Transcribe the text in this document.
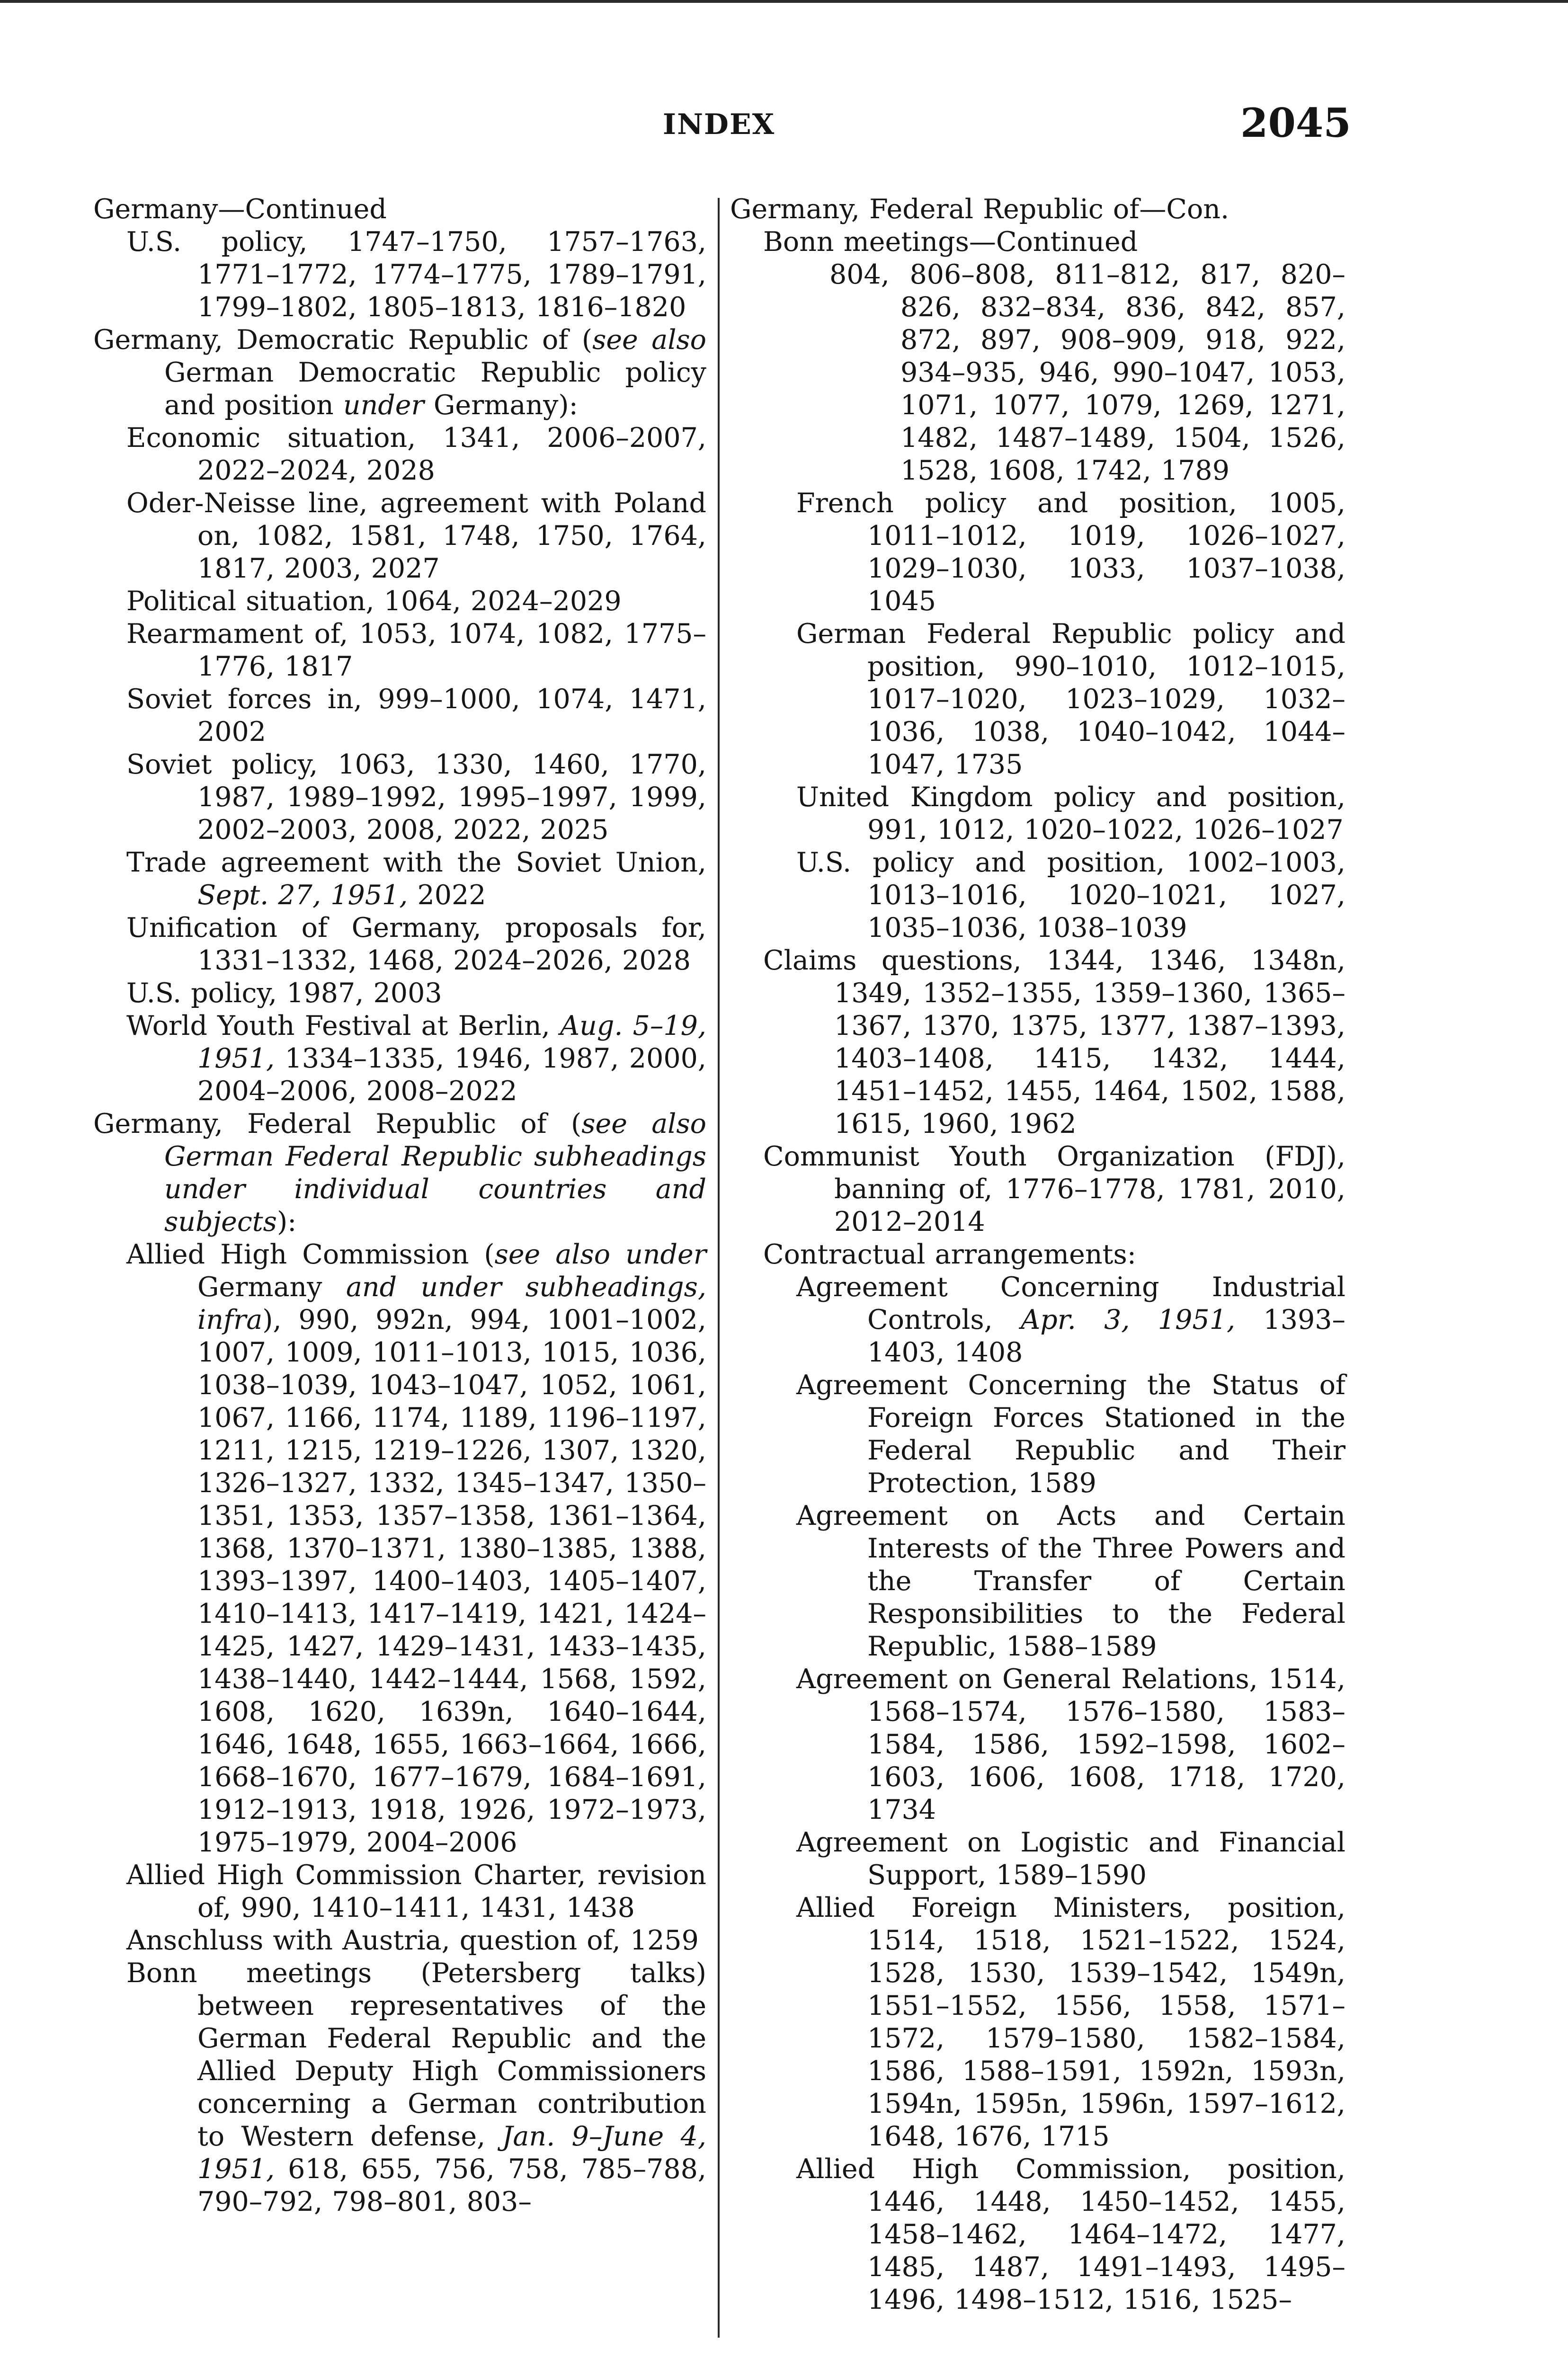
INDEX	2045
Germany—Continued
U.S. policy, 1747–1750, 1757–1763, 1771–1772, 1774–1775, 1789–1791, 1799–1802, 1805–1813, 1816–1820
Germany, Democratic Republic of (see also German Democratic Republic policy and position under Germany):
Economic situation, 1341, 2006–2007, 2022–2024, 2028
Oder-Neisse line, agreement with Poland on, 1082, 1581, 1748, 1750, 1764, 1817, 2003, 2027
Political situation, 1064, 2024–2029
Rearmament of, 1053, 1074, 1082, 1775–1776, 1817
Soviet forces in, 999–1000, 1074, 1471, 2002
Soviet policy, 1063, 1330, 1460, 1770, 1987, 1989–1992, 1995–1997, 1999, 2002–2003, 2008, 2022, 2025
Trade agreement with the Soviet Union, Sept. 27, 1951, 2022
Unification of Germany, proposals for, 1331–1332, 1468, 2024–2026, 2028
U.S. policy, 1987, 2003
World Youth Festival at Berlin, Aug. 5–19, 1951, 1334–1335, 1946, 1987, 2000, 2004–2006, 2008–2022
Germany, Federal Republic of (see also German Federal Republic subheadings under individual countries and subjects):
Allied High Commission (see also under Germany and under subheadings, infra), 990, 992n, 994, 1001–1002, 1007, 1009, 1011–1013, 1015, 1036, 1038–1039, 1043–1047, 1052, 1061, 1067, 1166, 1174, 1189, 1196–1197, 1211, 1215, 1219–1226, 1307, 1320, 1326–1327, 1332, 1345–1347, 1350–1351, 1353, 1357–1358, 1361–1364, 1368, 1370–1371, 1380–1385, 1388, 1393–1397, 1400–1403, 1405–1407, 1410–1413, 1417–1419, 1421, 1424–1425, 1427, 1429–1431, 1433–1435, 1438–1440, 1442–1444, 1568, 1592, 1608, 1620, 1639n, 1640–1644, 1646, 1648, 1655, 1663–1664, 1666, 1668–1670, 1677–1679, 1684–1691, 1912–1913, 1918, 1926, 1972–1973, 1975–1979, 2004–2006
Allied High Commission Charter, revision of, 990, 1410–1411, 1431, 1438
Anschluss with Austria, question of, 1259
Bonn meetings (Petersberg talks) between representatives of the German Federal Republic and the Allied Deputy High Commissioners concerning a German contribution to Western defense, Jan. 9–June 4, 1951, 618, 655, 756, 758, 785–788, 790–792, 798–801, 803–
Germany, Federal Republic of—Con.
Bonn meetings—Continued
804, 806–808, 811–812, 817, 820–826, 832–834, 836, 842, 857, 872, 897, 908–909, 918, 922, 934–935, 946, 990–1047, 1053, 1071, 1077, 1079, 1269, 1271, 1482, 1487–1489, 1504, 1526, 1528, 1608, 1742, 1789
French policy and position, 1005, 1011–1012, 1019, 1026–1027, 1029–1030, 1033, 1037–1038, 1045
German Federal Republic policy and position, 990–1010, 1012–1015, 1017–1020, 1023–1029, 1032–1036, 1038, 1040–1042, 1044–1047, 1735
United Kingdom policy and position, 991, 1012, 1020–1022, 1026–1027
U.S. policy and position, 1002–1003, 1013–1016, 1020–1021, 1027, 1035–1036, 1038–1039
Claims questions, 1344, 1346, 1348n, 1349, 1352–1355, 1359–1360, 1365–1367, 1370, 1375, 1377, 1387–1393, 1403–1408, 1415, 1432, 1444, 1451–1452, 1455, 1464, 1502, 1588, 1615, 1960, 1962
Communist Youth Organization (FDJ), banning of, 1776–1778, 1781, 2010, 2012–2014
Contractual arrangements:
Agreement Concerning Industrial Controls, Apr. 3, 1951, 1393–1403, 1408
Agreement Concerning the Status of Foreign Forces Stationed in the Federal Republic and Their Protection, 1589
Agreement on Acts and Certain Interests of the Three Powers and the Transfer of Certain Responsibilities to the Federal Republic, 1588–1589
Agreement on General Relations, 1514, 1568–1574, 1576–1580, 1583–1584, 1586, 1592–1598, 1602–1603, 1606, 1608, 1718, 1720, 1734
Agreement on Logistic and Financial Support, 1589–1590
Allied Foreign Ministers, position, 1514, 1518, 1521–1522, 1524, 1528, 1530, 1539–1542, 1549n, 1551–1552, 1556, 1558, 1571–1572, 1579–1580, 1582–1584, 1586, 1588–1591, 1592n, 1593n, 1594n, 1595n, 1596n, 1597–1612, 1648, 1676, 1715
Allied High Commission, position, 1446, 1448, 1450–1452, 1455, 1458–1462, 1464–1472, 1477, 1485, 1487, 1491–1493, 1495–1496, 1498–1512, 1516, 1525–
